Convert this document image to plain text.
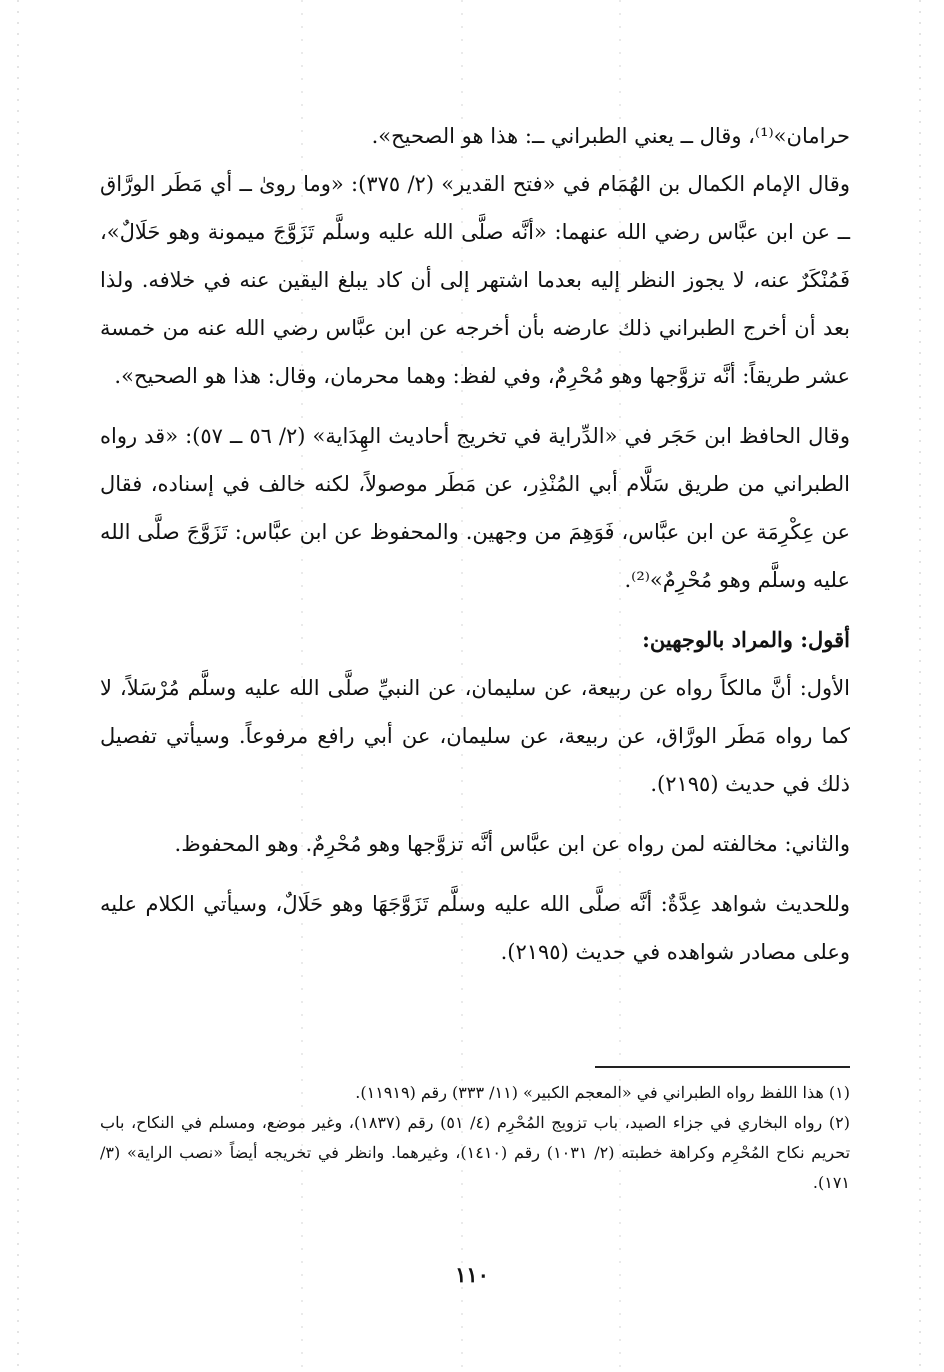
حرامان»⁽¹⁾، وقال ــ يعني الطبراني ــ: هذا هو الصحيح».

وقال الإمام الكمال بن الهُمَام في «فتح القدير» (٢/ ٣٧٥): «وما روىٰ ــ أي مَطَر الورَّاق ــ عن ابن عبَّاس رضي الله عنهما: «أنَّه صلَّى الله عليه وسلَّم تَزَوَّجَ ميمونة وهو حَلَالٌ»، فَمُنْكَرٌ عنه، لا يجوز النظر إليه بعدما اشتهر إلى أن كاد يبلغ اليقين عنه في خلافه. ولذا بعد أن أخرج الطبراني ذلك عارضه بأن أخرجه عن ابن عبَّاس رضي الله عنه من خمسة عشر طريقاً: أنَّه تزوَّجها وهو مُحْرِمٌ، وفي لفظ: وهما محرمان، وقال: هذا هو الصحيح».

وقال الحافظ ابن حَجَر في «الدِّراية في تخريج أحاديث الهِدَاية» (٢/ ٥٦ ــ ٥٧): «قد رواه الطبراني من طريق سَلَّام أبي المُنْذِر، عن مَطَر موصولاً، لكنه خالف في إسناده، فقال عن عِكْرِمَة عن ابن عبَّاس، فَوَهِمَ من وجهين. والمحفوظ عن ابن عبَّاس: تَزَوَّجَ صلَّى الله عليه وسلَّم وهو مُحْرِمٌ»⁽²⁾.

أقول: والمراد بالوجهين:

الأول: أنَّ مالكاً رواه عن ربيعة، عن سليمان، عن النبيِّ صلَّى الله عليه وسلَّم مُرْسَلاً، لا كما رواه مَطَر الورَّاق، عن ربيعة، عن سليمان، عن أبي رافع مرفوعاً. وسيأتي تفصيل ذلك في حديث (٢١٩٥).

والثاني: مخالفته لمن رواه عن ابن عبَّاس أنَّه تزوَّجها وهو مُحْرِمٌ. وهو المحفوظ.

وللحديث شواهد عِدَّةٌ: أنَّه صلَّى الله عليه وسلَّم تَزَوَّجَهَا وهو حَلَالٌ، وسيأتي الكلام عليه وعلى مصادر شواهده في حديث (٢١٩٥).

(١) هذا اللفظ رواه الطبراني في «المعجم الكبير» (١١/ ٣٣٣) رقم (١١٩١٩).

(٢) رواه البخاري في جزاء الصيد، باب تزويج المُحْرِم (٤/ ٥١) رقم (١٨٣٧)، وغير موضع، ومسلم في النكاح، باب تحريم نكاح المُحْرِم وكراهة خطبته (٢/ ١٠٣١) رقم (١٤١٠)، وغيرهما. وانظر في تخريجه أيضاً «نصب الراية» (٣/ ١٧١).

١١٠
